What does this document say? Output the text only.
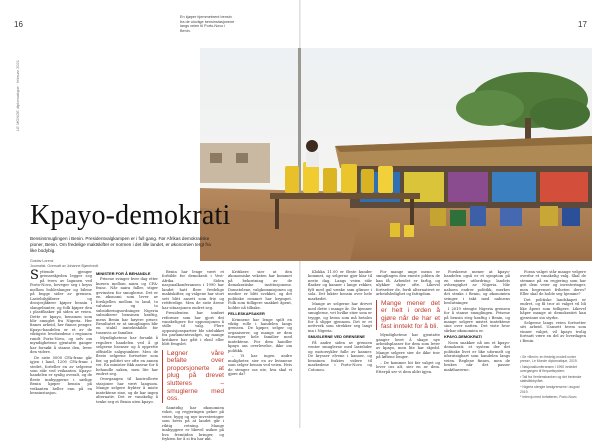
16	17
LE MONDE diplomatique · februar 2021
En kjøper hjemmebrent bensin fra de ulovlige bensinstasjonene langs veien til Porto-Novo i Benin.
Kpayo-demokrati
Bensinsmuglingen i Benin. Presidentvalgkampen er i full gang. Før Afrikas demokratiske pioner, Benin. Om fredelige maktskifter er normen i det lille landet, er økonomien tergt fra like bodybig.
Gustav Lorenz
Journalist. Oversatt av Johanne Bjørntvedt.

Syttende gjenger grenseskjeden legger seg på tvers av lagunen ved Porto-Novo, beveger seg i kryss mellom bobleslanger og bilene på begge sider av grensen. Lastebilsjåfører og drosjesjåfører kjøper bensin i slangebunter, og folk kjøper den i plastflasker på siden av veien. Dette er kpayo, bensinen som blir smuglet fra Nigeria. Her finnes arbeid, her finnes penger. Kpayo-handelen er et av de viktigste levebrødene i regionen rundt Porto-Novo, og selv om myndighetene gjentatte ganger har forsøkt å stanse den, lever den videre.

De siste 5000 CFA-franc går igjen i land, 1200 CFA-franc i stedet, forteller en av selgerne som står ved veikanten. Kpayo-handelen er synlig overalt, og de fleste innbyggerne i sørlige Benin kjøper bensin på veikanten heller enn på en bensinstasjon.

MINISTER FOR Å BEHANDLE

Prisene svinger hver dag etter kursen mellom naira og CFA-franc. Når naira faller, stiger gevinsten for smuglerne. Det er en økonomi som lever av forskjellen mellom to land, to valutaer og to subsidieringsordninger. Nigeria subsidierer bensinen kraftig, mens Benin har høyere priser. Resultatet er at smuglingen blir en stabil inntektskilde for tusenvis av familier.

Myndighetene har forsøkt å regulere handelen ved å gi selgerne lisenser og å opprette offisielle salgspunkter. Men de fleste selgerne fortsetter som før, og politiet ser ofte en annen vei. En minister fikk ansvar for å behandle saken, men lite har endret seg.

Overgangen til kontrollerte stasjoner har vært langsom. Mange selgere frykter å miste inntektene sine, og de har ingen alternativ. Det er vanskelig å tenke seg et Benin uten kpayo.

Benin har lenge vært et forbilde for demokrati i Vest-Afrika. Siden nasjonalkonferansen i 1990 har landet hatt flere fredelige maktskifter, og valgene har stort sett blitt ansett som frie og rettferdige. Men de siste årene har situasjonen endret seg.

Presidenten har innført reformer som har gjort det vanskeligere for opposisjonen å stille til valg. Flere opposisjonspartier ble utelukket fra parlamentsvalget, og mange kritikere har gått i eksil eller blitt fengslet.

Løgner våre befalte over proporsjonerte at plug på drevet slutteres – smuglerne med oss.

Samtidig har økonomien vokst, og regjeringen peker på veier, bygg og nye investeringer som bevis på at landet går i riktig retning. Mange innbyggere er likevel usikre på hva fremtiden bringer, og frykten for å si fra har økt.

Kritikere sier at den økonomiske veksten har kommet på bekostning av de demokratiske institusjonene. Domstolene, valgkommisjonen og medier er blitt svekket, og det politiske rommet har krympet. Folk som tidligere snakket åpent, holder nå tilbake.

FELLESKAPSAKER

Kvinnene har lenge spilt en viktig rolle i handelen langs grensen. De kjøper, selger og organiserer, og mange av dem forsørger hele familier med inntektene. For dem handler kpayo om overlevelse, ikke om politikk.

– Vi har ingen andre muligheter, sier en av kvinnene som selger bensin ved veien. Hvis de stenger oss ute, hva skal vi gjøre da?

Klokka 11.00 er fleste kunder kommet, og selgerne gjør klar til neste dag. Langs veien står flasker og kanner i lange rekker, fylt med gul væske som glinser i sola. Det lukter bensin over hele markedet.

Mange av selgerne har drevet med dette i mange år. De kjenner smuglerne, vet hvilke stier som er trygge, og hvem som må betales for å slippe gjennom. Det er et nettverk som strekker seg langt inn i Nigeria.

SMUGLERNE VED GRENSENE

På andre siden av grensen venter smuglerne med lastebiler og motorsykler fulle av kanner. De krysser elvene i kanoer, og bensinen fraktes videre til markedene i Porto-Novo og Cotonou.

For mange unge menn er smuglingen den eneste jobben de kan få. Arbeidet er farlig, og ulykker skjer ofte. Likevel fortsetter de, fordi alternativet er arbeidsledighet og fattigdom.

Mange mener det er helt i orden å gjøre når de har et fast inntekt for å bli.

Myndighetene har gjentatte ganger lovet å skape nye arbeidsplasser for dem som lever av kpayo, men lite har skjedd. Mange selgere sier de ikke tror på løftene lenger.

– De kommer hit før valget og lover oss alt, sier en av dem. Etterpå ser vi dem aldri igjen.

Forskerne mener at kpayo-handelen også er et symptom på en større utfordring: landets avhengighet av Nigeria. Når naboen endrer politikk, merkes det straks i Benin, og økonomien svinger i takt med naboens beslutninger.

I 2019 stengte Nigeria grensen for å stanse smuglingen. Prisene på bensin steg kraftig i Benin, og mange selgere mistet inntektene sine over natten. Det viste hvor sårbar økonomien er.

KPAYO-DEMOKRATI

Noen snakker nå om et kpayo-demokrati: et system der det politiske livet er like uformelt og uforutsigbart som handelen langs veien. Reglene finnes, men de brukes når det passer makthaverne.

Foran valget står mange velgere overfor et vanskelig valg. Skal de stemme på en regjering som har gitt dem veier og investeringer, men begrenset friheten deres? Eller skal de holde seg hjemme?

Det politiske landskapet er endret, og få tror at valget vil bli like åpent som tidligere. Likevel håper mange at demokratiet kan gjenvinne sin styrke.

Selgerne langs veien fortsetter sitt arbeid. Uansett hvem som vinner valget, vil kpayo trolig fortsatt være en del av hverdagen i Benin.

¹ Se «Benin: en fredelig modell under press», Le Monde diplomatique, 2019.
² Nasjonalkonferansen i 1990 innledet overgangen til flerpartisystem.
³ Tall fra Verdensbanken og det beninske statistikkbyrået.
⁴ Nigeria stengte landgrensene i august 2019.
⁵ Intervju med forfatteren, Porto-Novo.
